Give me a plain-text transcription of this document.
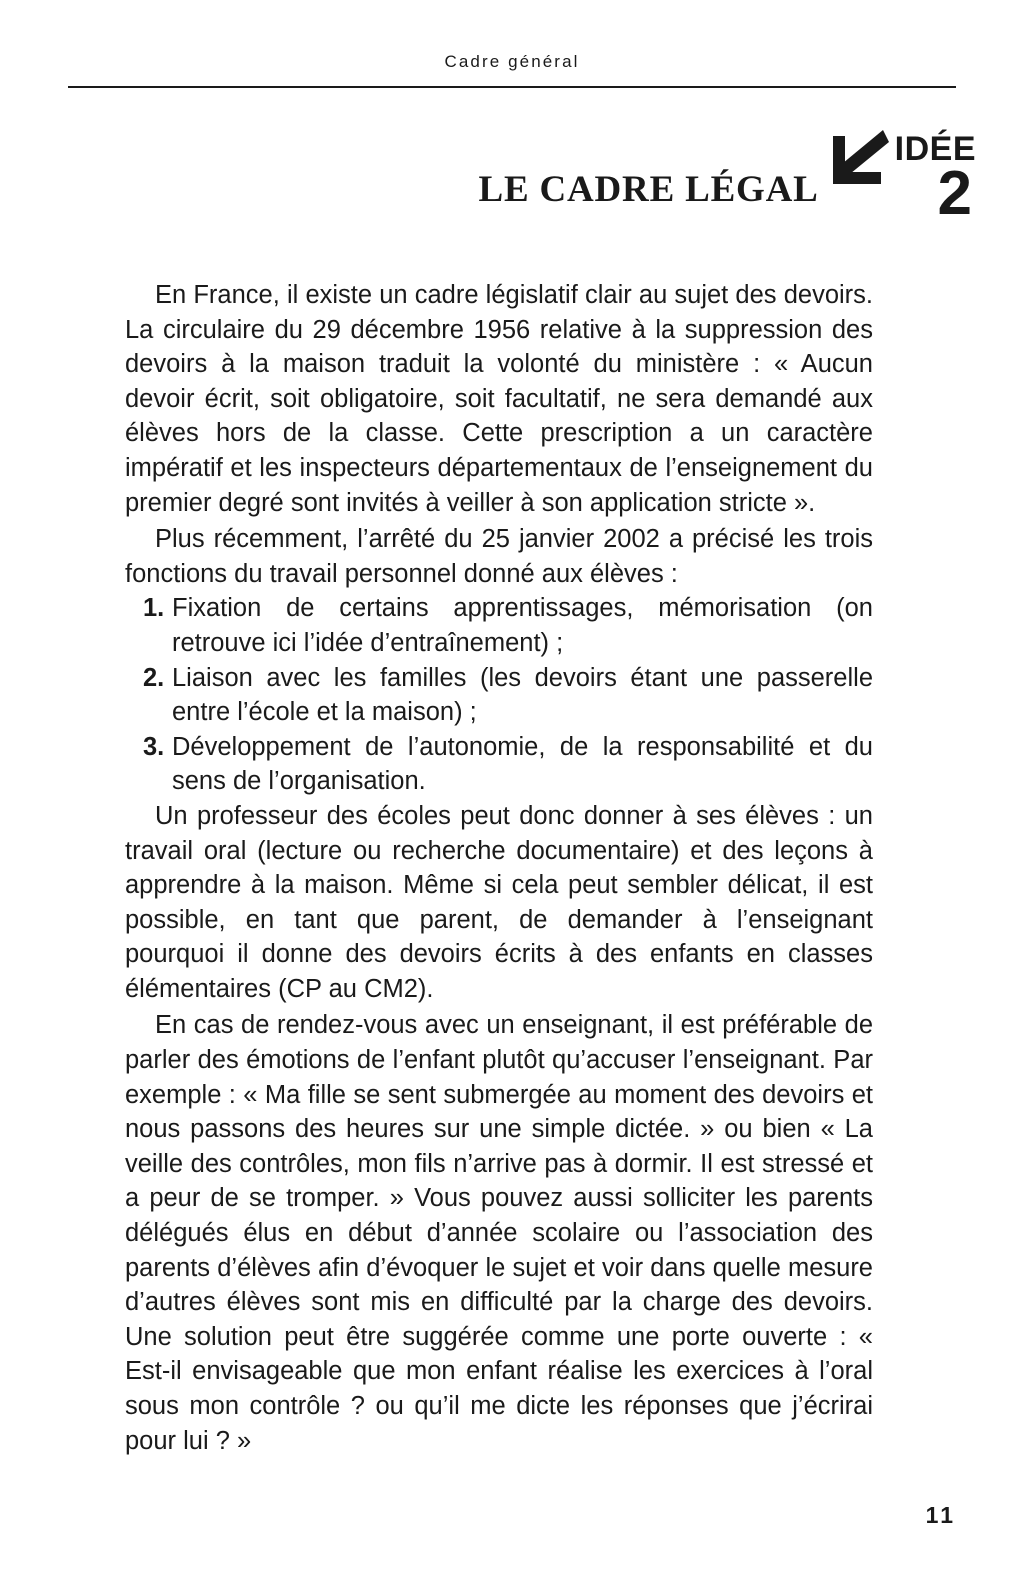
Cadre général
LE CADRE LÉGAL
IDÉE
2

En France, il existe un cadre législatif clair au sujet des devoirs. La circulaire du 29 décembre 1956 relative à la suppression des devoirs à la maison traduit la volonté du ministère : « Aucun devoir écrit, soit obligatoire, soit facultatif, ne sera demandé aux élèves hors de la classe. Cette prescription a un caractère impératif et les inspecteurs départementaux de l’enseignement du premier degré sont invités à veiller à son application stricte ».

Plus récemment, l’arrêté du 25 janvier 2002 a précisé les trois fonctions du travail personnel donné aux élèves :

1. Fixation de certains apprentissages, mémorisation (on retrouve ici l’idée d’entraînement) ;
2. Liaison avec les familles (les devoirs étant une passerelle entre l’école et la maison) ;
3. Développement de l’autonomie, de la responsabilité et du sens de l’organisation.

Un professeur des écoles peut donc donner à ses élèves : un travail oral (lecture ou recherche documentaire) et des leçons à apprendre à la maison. Même si cela peut sembler délicat, il est possible, en tant que parent, de demander à l’enseignant pourquoi il donne des devoirs écrits à des enfants en classes élémentaires (CP au CM2).

En cas de rendez-vous avec un enseignant, il est préférable de parler des émotions de l’enfant plutôt qu’accuser l’enseignant. Par exemple : « Ma fille se sent submergée au moment des devoirs et nous passons des heures sur une simple dictée. » ou bien « La veille des contrôles, mon fils n’arrive pas à dormir. Il est stressé et a peur de se tromper. » Vous pouvez aussi solliciter les parents délégués élus en début d’année scolaire ou l’association des parents d’élèves afin d’évoquer le sujet et voir dans quelle mesure d’autres élèves sont mis en difficulté par la charge des devoirs. Une solution peut être suggérée comme une porte ouverte : « Est-il envisageable que mon enfant réalise les exercices à l’oral sous mon contrôle ? ou qu’il me dicte les réponses que j’écrirai pour lui ? »

11
